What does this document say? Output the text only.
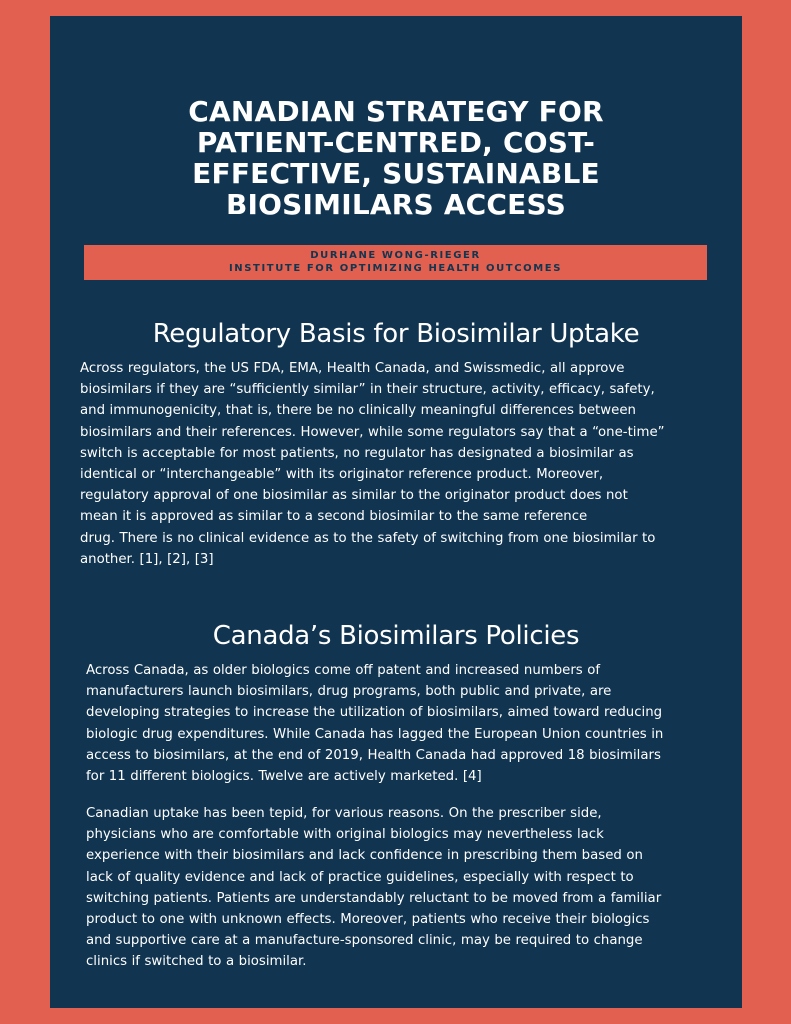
CANADIAN STRATEGY FOR
PATIENT-CENTRED, COST-
EFFECTIVE, SUSTAINABLE
BIOSIMILARS ACCESS
DURHANE WONG-RIEGER
INSTITUTE FOR OPTIMIZING HEALTH OUTCOMES
Regulatory Basis for Biosimilar Uptake

Across regulators, the US FDA, EMA, Health Canada, and Swissmedic, all approve
biosimilars if they are “sufficiently similar” in their structure, activity, efficacy, safety,
and immunogenicity, that is, there be no clinically meaningful differences between
biosimilars and their references. However, while some regulators say that a “one-time”
switch is acceptable for most patients, no regulator has designated a biosimilar as
identical or “interchangeable” with its originator reference product. Moreover,
regulatory approval of one biosimilar as similar to the originator product does not
mean it is approved as similar to a second biosimilar to the same reference
drug. There is no clinical evidence as to the safety of switching from one biosimilar to
another. [1], [2], [3]

Canada’s Biosimilars Policies

Across Canada, as older biologics come off patent and increased numbers of
manufacturers launch biosimilars, drug programs, both public and private, are
developing strategies to increase the utilization of biosimilars, aimed toward reducing
biologic drug expenditures. While Canada has lagged the European Union countries in
access to biosimilars, at the end of 2019, Health Canada had approved 18 biosimilars
for 11 different biologics. Twelve are actively marketed. [4]

Canadian uptake has been tepid, for various reasons. On the prescriber side,
physicians who are comfortable with original biologics may nevertheless lack
experience with their biosimilars and lack confidence in prescribing them based on
lack of quality evidence and lack of practice guidelines, especially with respect to
switching patients. Patients are understandably reluctant to be moved from a familiar
product to one with unknown effects. Moreover, patients who receive their biologics
and supportive care at a manufacture-sponsored clinic, may be required to change
clinics if switched to a biosimilar.
